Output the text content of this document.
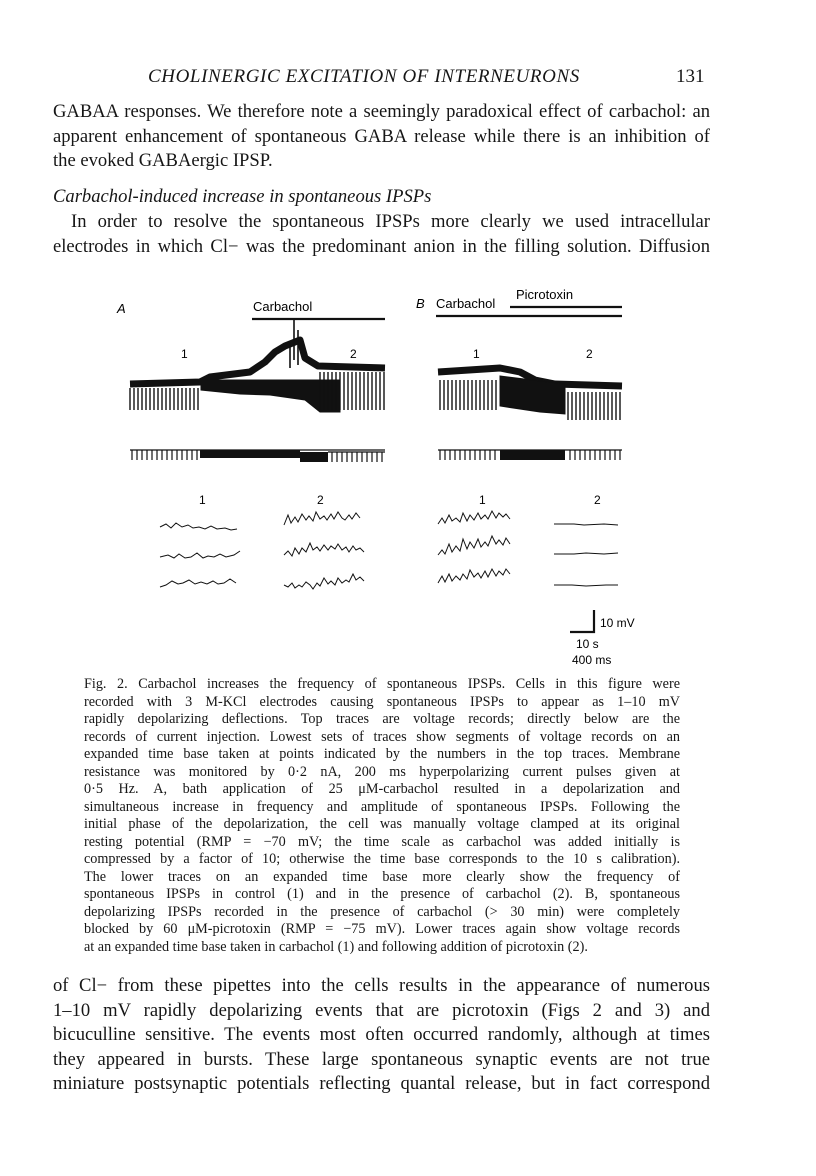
CHOLINERGIC EXCITATION OF INTERNEURONS	131
GABAA responses. We therefore note a seemingly paradoxical effect of carbachol: an
apparent enhancement of spontaneous GABA release while there is an inhibition of
the evoked GABAergic IPSP.
Carbachol-induced increase in spontaneous IPSPs
In order to resolve the spontaneous IPSPs more clearly we used intracellular
electrodes in which Cl− was the predominant anion in the filling solution. Diffusion
A	Carbachol	B Carbachol
Picrotoxin
1	2	1	2
1	2	1	2
10 mV
10 s
400 ms
Fig. 2. Carbachol increases the frequency of spontaneous IPSPs. Cells in this figure were
recorded with 3 M-KCl electrodes causing spontaneous IPSPs to appear as 1–10 mV
rapidly depolarizing deflections. Top traces are voltage records; directly below are the
records of current injection. Lowest sets of traces show segments of voltage records on an
expanded time base taken at points indicated by the numbers in the top traces. Membrane
resistance was monitored by 0·2 nA, 200 ms hyperpolarizing current pulses given at
0·5 Hz. A, bath application of 25 μM-carbachol resulted in a depolarization and
simultaneous increase in frequency and amplitude of spontaneous IPSPs. Following the
initial phase of the depolarization, the cell was manually voltage clamped at its original
resting potential (RMP = −70 mV; the time scale as carbachol was added initially is
compressed by a factor of 10; otherwise the time base corresponds to the 10 s calibration).
The lower traces on an expanded time base more clearly show the frequency of
spontaneous IPSPs in control (1) and in the presence of carbachol (2). B, spontaneous
depolarizing IPSPs recorded in the presence of carbachol (> 30 min) were completely
blocked by 60 μM-picrotoxin (RMP = −75 mV). Lower traces again show voltage records
at an expanded time base taken in carbachol (1) and following addition of picrotoxin (2).
of Cl− from these pipettes into the cells results in the appearance of numerous
1–10 mV rapidly depolarizing events that are picrotoxin (Figs 2 and 3) and
bicuculline sensitive. The events most often occurred randomly, although at times
they appeared in bursts. These large spontaneous synaptic events are not true
miniature postsynaptic potentials reflecting quantal release, but in fact correspond
